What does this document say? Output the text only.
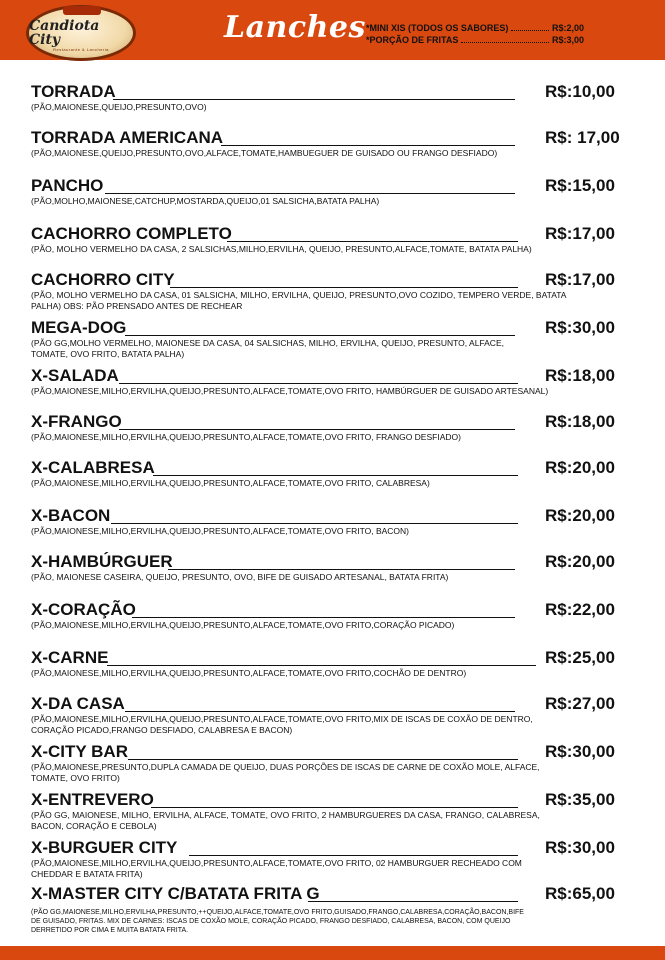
Candiota City
Restaurante & Lancheria
Lanches *MINI XIS (TODOS OS SABORES)	R$:2,00
*PORÇÃO DE FRITAS	R$:3,00
TORRADA	R$:10,00
(PÃO,MAIONESE,QUEIJO,PRESUNTO,OVO)
TORRADA AMERICANA	R$: 17,00
(PÃO,MAIONESE,QUEIJO,PRESUNTO,OVO,ALFACE,TOMATE,HAMBUEGUER DE GUISADO OU FRANGO DESFIADO)
PANCHO	R$:15,00
(PÃO,MOLHO,MAIONESE,CATCHUP,MOSTARDA,QUEIJO,01 SALSICHA,BATATA PALHA)
CACHORRO COMPLETO	R$:17,00
(PÃO, MOLHO VERMELHO DA CASA, 2 SALSICHAS,MILHO,ERVILHA, QUEIJO, PRESUNTO,ALFACE,TOMATE, BATATA PALHA)
CACHORRO CITY	R$:17,00
(PÃO, MOLHO VERMELHO DA CASA, 01 SALSICHA, MILHO, ERVILHA, QUEIJO, PRESUNTO,OVO COZIDO, TEMPERO VERDE, BATATA PALHA) OBS: PÃO PRENSADO ANTES DE RECHEAR
MEGA-DOG	R$:30,00
(PÃO GG,MOLHO VERMELHO, MAIONESE DA CASA, 04 SALSICHAS, MILHO, ERVILHA, QUEIJO, PRESUNTO, ALFACE, TOMATE, OVO FRITO, BATATA PALHA)
X-SALADA	R$:18,00
(PÃO,MAIONESE,MILHO,ERVILHA,QUEIJO,PRESUNTO,ALFACE,TOMATE,OVO FRITO, HAMBÚRGUER DE GUISADO ARTESANAL)
X-FRANGO	R$:18,00
(PÃO,MAIONESE,MILHO,ERVILHA,QUEIJO,PRESUNTO,ALFACE,TOMATE,OVO FRITO, FRANGO DESFIADO)
X-CALABRESA	R$:20,00
(PÃO,MAIONESE,MILHO,ERVILHA,QUEIJO,PRESUNTO,ALFACE,TOMATE,OVO FRITO, CALABRESA)
X-BACON	R$:20,00
(PÃO,MAIONESE,MILHO,ERVILHA,QUEIJO,PRESUNTO,ALFACE,TOMATE,OVO FRITO, BACON)
X-HAMBÚRGUER	R$:20,00
(PÃO, MAIONESE CASEIRA, QUEIJO, PRESUNTO, OVO, BIFE DE GUISADO ARTESANAL, BATATA FRITA)
X-CORAÇÃO	R$:22,00
(PÃO,MAIONESE,MILHO,ERVILHA,QUEIJO,PRESUNTO,ALFACE,TOMATE,OVO FRITO,CORAÇÃO PICADO)
X-CARNE	R$:25,00
(PÃO,MAIONESE,MILHO,ERVILHA,QUEIJO,PRESUNTO,ALFACE,TOMATE,OVO FRITO,COCHÃO DE DENTRO)
X-DA CASA	R$:27,00
(PÃO,MAIONESE,MILHO,ERVILHA,QUEIJO,PRESUNTO,ALFACE,TOMATE,OVO FRITO,MIX DE ISCAS DE COXÃO DE DENTRO, CORAÇÃO PICADO,FRANGO DESFIADO, CALABRESA E BACON)
X-CITY BAR	R$:30,00
(PÃO,MAIONESE,PRESUNTO,DUPLA CAMADA DE QUEIJO, DUAS PORÇÕES DE ISCAS DE CARNE DE COXÃO MOLE, ALFACE, TOMATE, OVO FRITO)
X-ENTREVERO	R$:35,00
(PÃO GG, MAIONESE, MILHO, ERVILHA, ALFACE, TOMATE, OVO FRITO, 2 HAMBURGUERES DA CASA, FRANGO, CALABRESA, BACON, CORAÇÃO E CEBOLA)
X-BURGUER CITY	R$:30,00
(PÃO,MAIONESE,MILHO,ERVILHA,QUEIJO,PRESUNTO,ALFACE,TOMATE,OVO FRITO, 02 HAMBURGUER RECHEADO COM CHEDDAR E BATATA FRITA)
X-MASTER CITY C/BATATA FRITA G	R$:65,00
(PÃO GG,MAIONESE,MILHO,ERVILHA,PRESUNTO,++QUEIJO,ALFACE,TOMATE,OVO FRITO,GUISADO,FRANGO,CALABRESA,CORAÇÃO,BACON,BIFE DE GUISADO, FRITAS. MIX DE CARNES: ISCAS DE COXÃO MOLE, CORAÇÃO PICADO, FRANGO DESFIADO, CALABRESA, BACON, COM QUEIJO DERRETIDO POR CIMA E MUITA BATATA FRITA.
